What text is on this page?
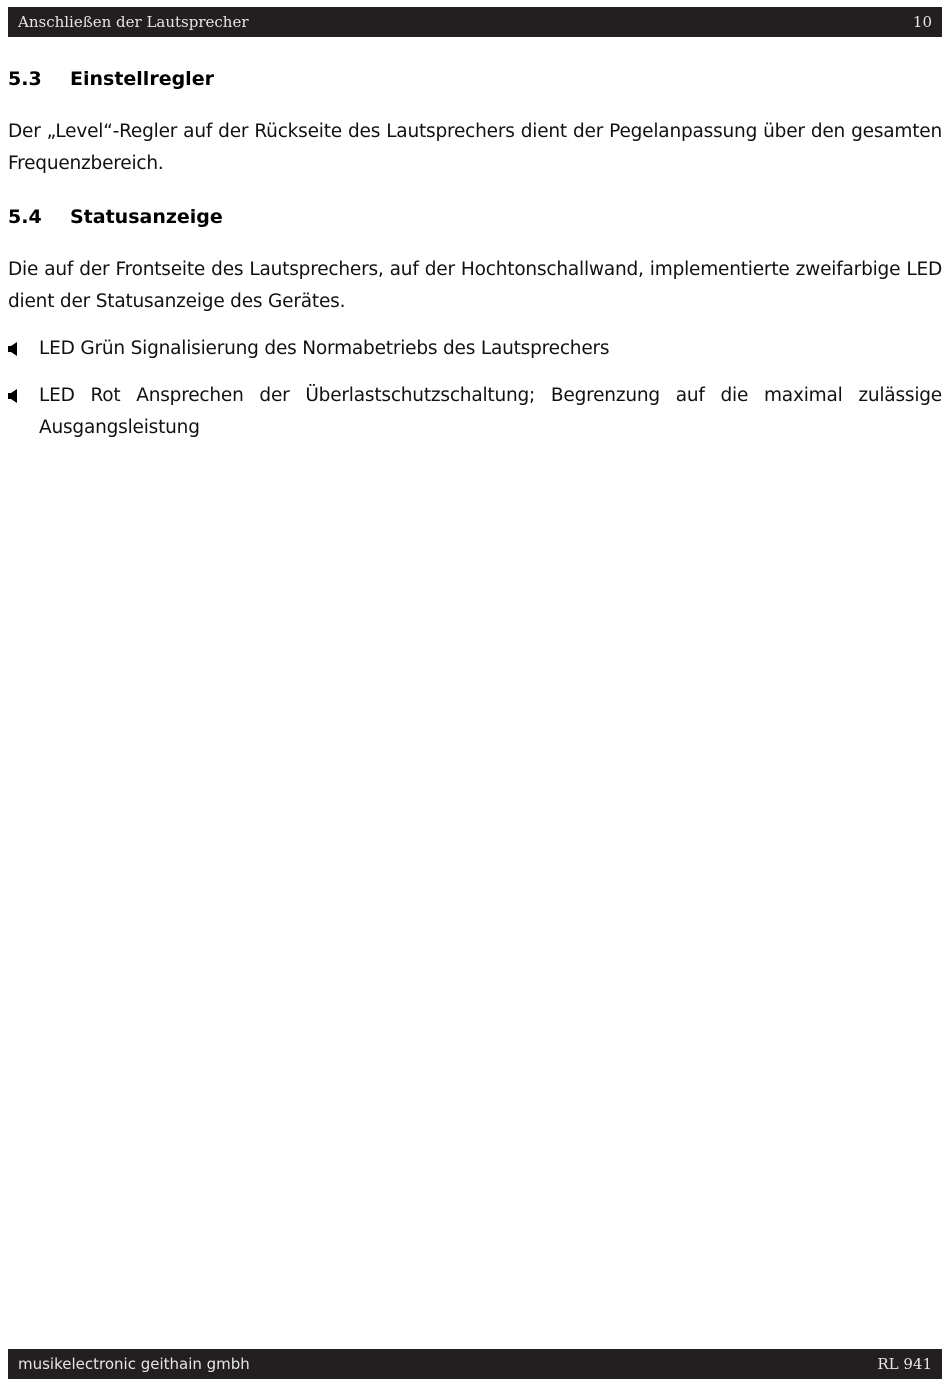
Anschließen der Lautsprecher	10
5.3 Einstellregler

Der „Level“-Regler auf der Rückseite des Lautsprechers dient der Pegelanpassung über den gesamten Frequenzbereich.

5.4 Statusanzeige

Die auf der Frontseite des Lautsprechers, auf der Hochtonschallwand, implementierte zweifarbige LED dient der Statusanzeige des Gerätes.

LED Grün Signalisierung des Normabetriebs des Lautsprechers

LED Rot Ansprechen der Überlastschutzschaltung; Begrenzung auf die maximal zulässige Ausgangsleistung

musikelectronic geithain gmbh	RL 941
